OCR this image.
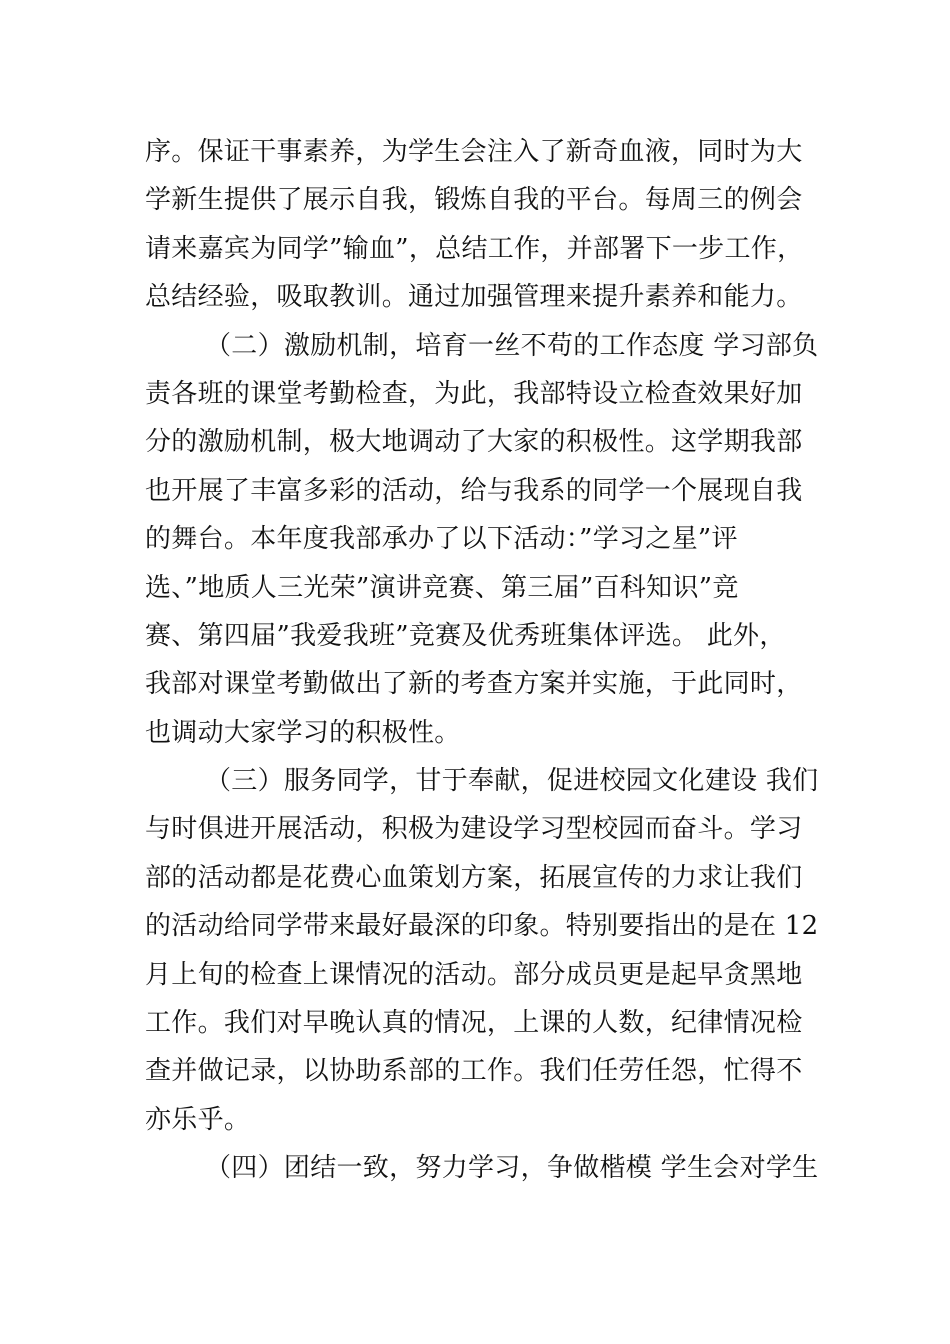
序。保证干事素养，为学生会注入了新奇血液，同时为大
学新生提供了展示自我，锻炼自我的平台。每周三的例会
请来嘉宾为同学”输血”，总结工作，并部署下一步工作，
总结经验，吸取教训。通过加强管理来提升素养和能力。
（二）激励机制，培育一丝不苟的工作态度 学习部负
责各班的课堂考勤检查，为此，我部特设立检查效果好加
分的激励机制，极大地调动了大家的积极性。这学期我部
也开展了丰富多彩的活动，给与我系的同学一个展现自我
的舞台。本年度我部承办了以下活动：”学习之星”评
选、”地质人三光荣”演讲竞赛、第三届”百科知识”竞
赛、第四届”我爱我班”竞赛及优秀班集体评选。 此外，
我部对课堂考勤做出了新的考查方案并实施，于此同时，
也调动大家学习的积极性。
（三）服务同学，甘于奉献，促进校园文化建设 我们
与时俱进开展活动，积极为建设学习型校园而奋斗。学习
部的活动都是花费心血策划方案，拓展宣传的力求让我们
的活动给同学带来最好最深的印象。特别要指出的是在 12
月上旬的检查上课情况的活动。部分成员更是起早贪黑地
工作。我们对早晚认真的情况，上课的人数，纪律情况检
查并做记录，以协助系部的工作。我们任劳任怨，忙得不
亦乐乎。
（四）团结一致，努力学习，争做楷模 学生会对学生
